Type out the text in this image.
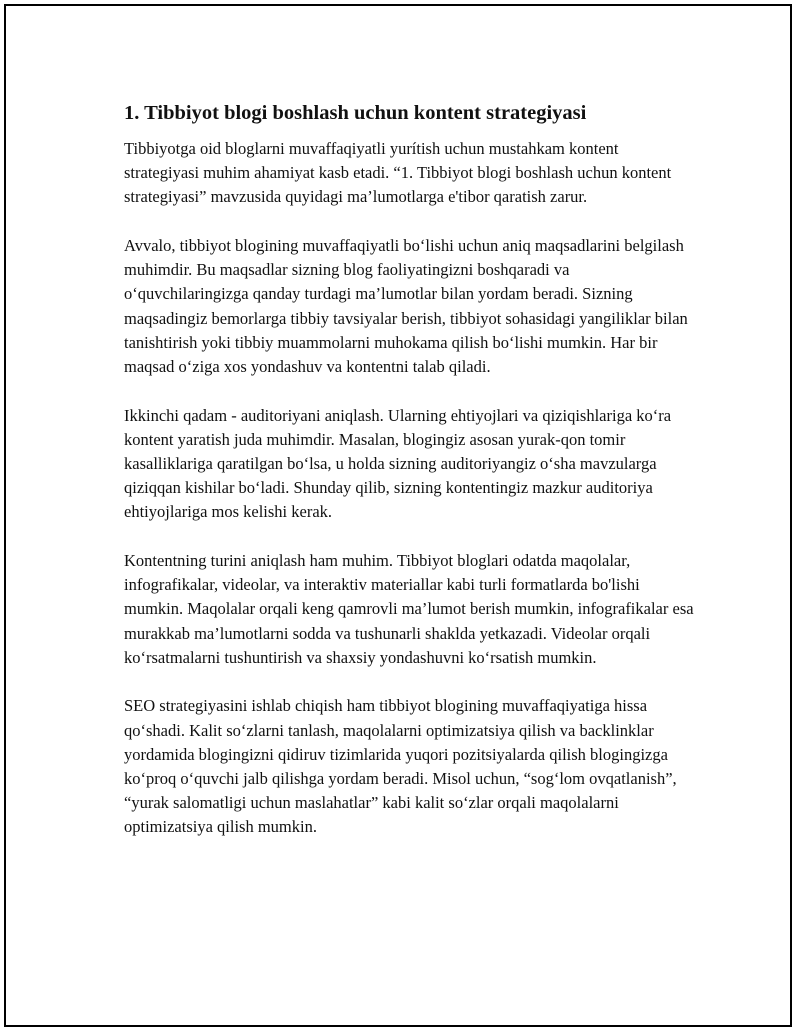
1. Tibbiyot blogi boshlash uchun kontent strategiyasi

Tibbiyotga oid bloglarni muvaffaqiyatli yurítish uchun mustahkam kontent strategiyasi muhim ahamiyat kasb etadi. “1. Tibbiyot blogi boshlash uchun kontent strategiyasi” mavzusida quyidagi ma’lumotlarga e'tibor qaratish zarur.

Avvalo, tibbiyot blogining muvaffaqiyatli bo‘lishi uchun aniq maqsadlarini belgilash muhimdir. Bu maqsadlar sizning blog faoliyatingizni boshqaradi va o‘quvchilaringizga qanday turdagi ma’lumotlar bilan yordam beradi. Sizning maqsadingiz bemorlarga tibbiy tavsiyalar berish, tibbiyot sohasidagi yangiliklar bilan tanishtirish yoki tibbiy muammolarni muhokama qilish bo‘lishi mumkin. Har bir maqsad o‘ziga xos yondashuv va kontentni talab qiladi.

Ikkinchi qadam - auditoriyani aniqlash. Ularning ehtiyojlari va qiziqishlariga ko‘ra kontent yaratish juda muhimdir. Masalan, blogingiz asosan yurak-qon tomir kasalliklariga qaratilgan bo‘lsa, u holda sizning auditoriyangiz o‘sha mavzularga qiziqqan kishilar bo‘ladi. Shunday qilib, sizning kontentingiz mazkur auditoriya ehtiyojlariga mos kelishi kerak.

Kontentning turini aniqlash ham muhim. Tibbiyot bloglari odatda maqolalar, infografikalar, videolar, va interaktiv materiallar kabi turli formatlarda bo'lishi mumkin. Maqolalar orqali keng qamrovli ma’lumot berish mumkin, infografikalar esa murakkab ma’lumotlarni sodda va tushunarli shaklda yetkazadi. Videolar orqali ko‘rsatmalarni tushuntirish va shaxsiy yondashuvni ko‘rsatish mumkin.

SEO strategiyasini ishlab chiqish ham tibbiyot blogining muvaffaqiyatiga hissa qo‘shadi. Kalit so‘zlarni tanlash, maqolalarni optimizatsiya qilish va backlinklar yordamida blogingizni qidiruv tizimlarida yuqori pozitsiyalarda qilish blogingizga ko‘proq o‘quvchi jalb qilishga yordam beradi. Misol uchun, “sog‘lom ovqatlanish”, “yurak salomatligi uchun maslahatlar” kabi kalit so‘zlar orqali maqolalarni optimizatsiya qilish mumkin.
